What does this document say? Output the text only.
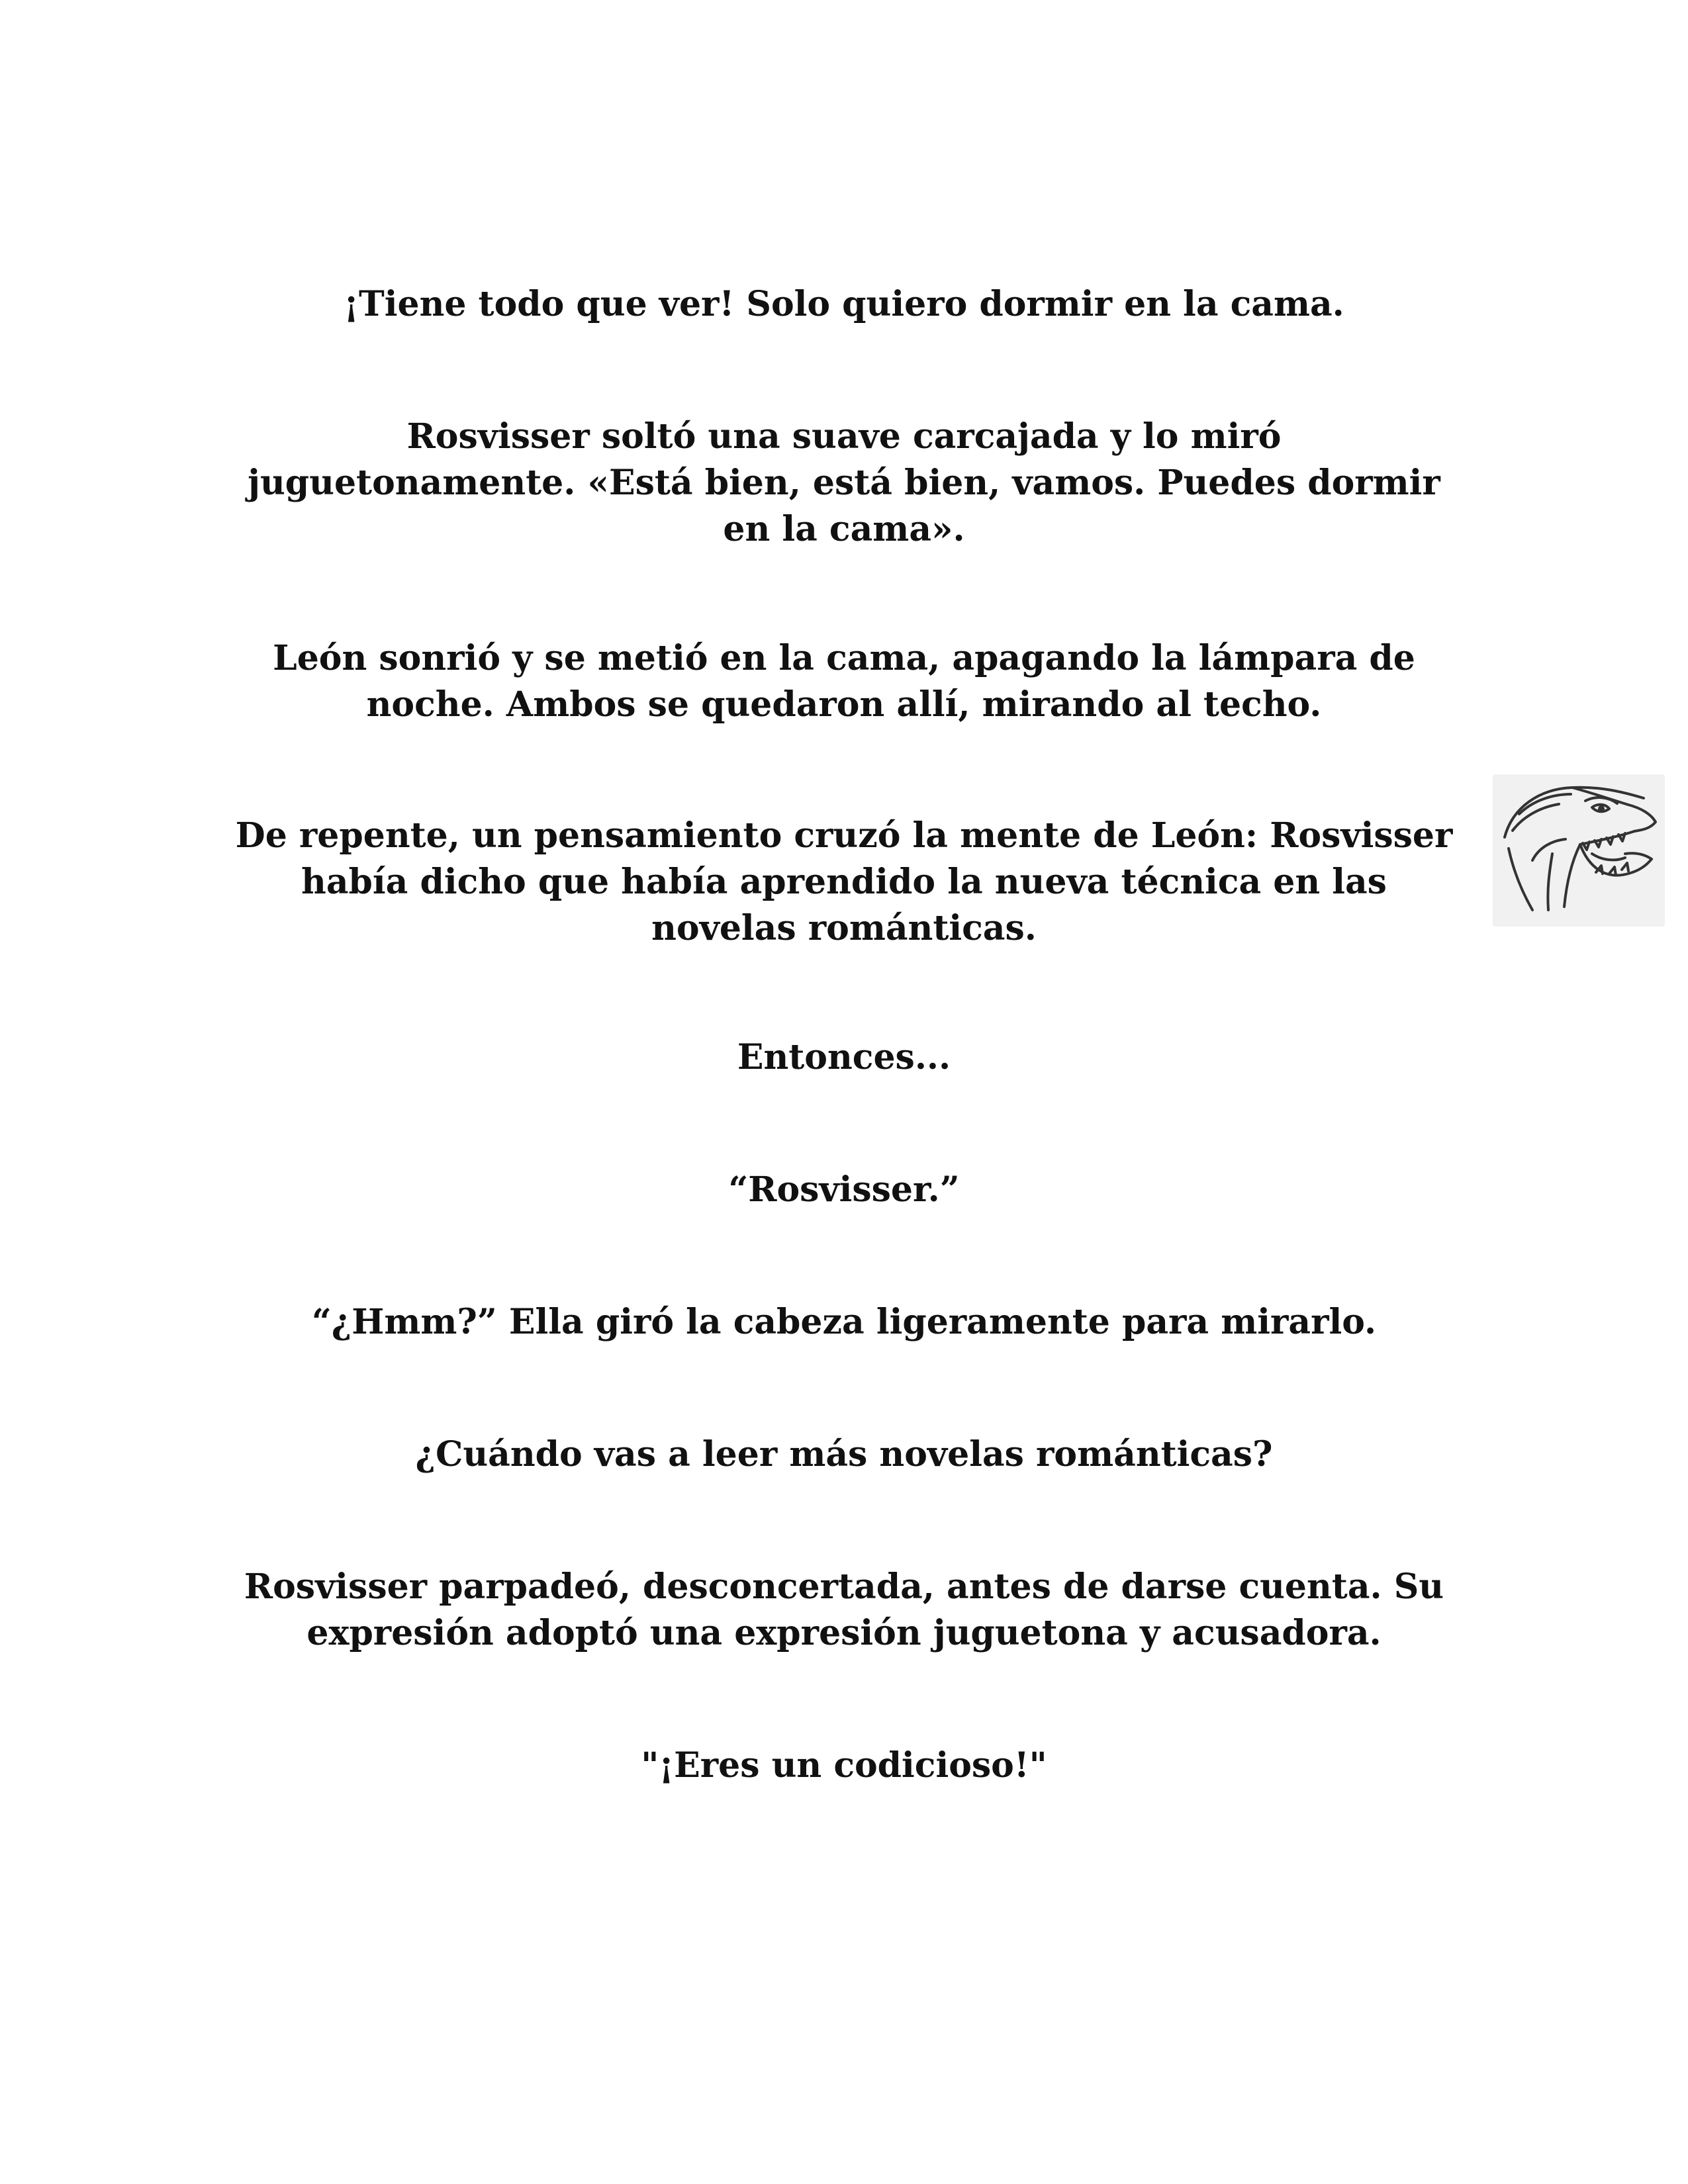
¡Tiene todo que ver! Solo quiero dormir en la cama.

Rosvisser soltó una suave carcajada y lo miró
juguetonamente. «Está bien, está bien, vamos. Puedes dormir
en la cama».

León sonrió y se metió en la cama, apagando la lámpara de
noche. Ambos se quedaron allí, mirando al techo.

De repente, un pensamiento cruzó la mente de León: Rosvisser
había dicho que había aprendido la nueva técnica en las
novelas románticas.

Entonces...

“Rosvisser.”

“¿Hmm?” Ella giró la cabeza ligeramente para mirarlo.

¿Cuándo vas a leer más novelas románticas?

Rosvisser parpadeó, desconcertada, antes de darse cuenta. Su
expresión adoptó una expresión juguetona y acusadora.

"¡Eres un codicioso!"
